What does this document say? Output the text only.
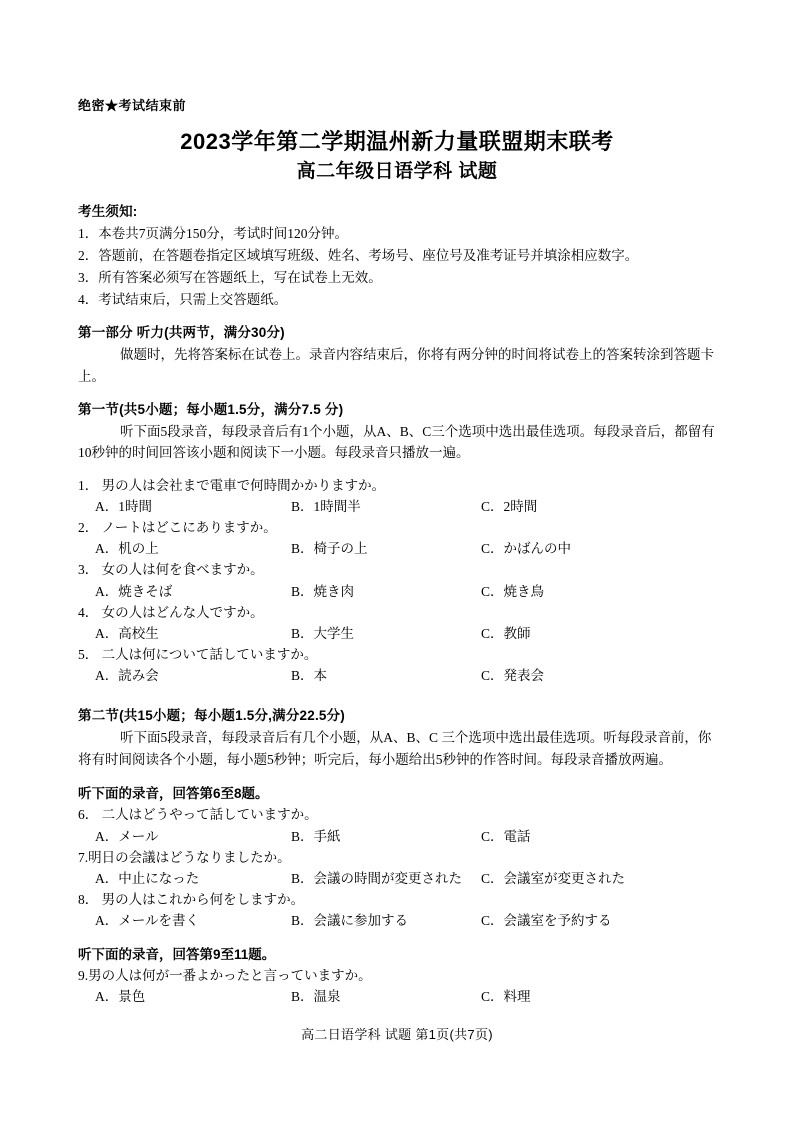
绝密★考试结束前
2023学年第二学期温州新力量联盟期末联考
高二年级日语学科 试题
考生须知:
1．本卷共7页满分150分，考试时间120分钟。
2．答题前，在答题卷指定区域填写班级、姓名、考场号、座位号及准考证号并填涂相应数字。
3．所有答案必须写在答题纸上，写在试卷上无效。
4．考试结束后，只需上交答题纸。
第一部分 听力(共两节，满分30分)
做题时，先将答案标在试卷上。录音内容结束后，你将有两分钟的时间将试卷上的答案转涂到答题卡上。
第一节(共5小题；每小题1.5分，满分7.5 分)
听下面5段录音，每段录音后有1个小题，从A、B、C三个选项中选出最佳选项。每段录音后，都留有10秒钟的时间回答该小题和阅读下一小题。每段录音只播放一遍。

1． 男の人は会社まで電車で何時間かかりますか。

A．1時間	B．1時間半	C．2時間

2． ノートはどこにありますか。

A．机の上	B．椅子の上	C．かばんの中

3． 女の人は何を食べますか。

A．焼きそば	B．焼き肉	C．焼き鳥

4． 女の人はどんな人ですか。

A．高校生	B．大学生	C．教師

5． 二人は何について話していますか。

A．読み会	B．本	C．発表会
第二节(共15小题；每小题1.5分,满分22.5分)
听下面5段录音，每段录音后有几个小题，从A、B、C 三个选项中选出最佳选项。听每段录音前，你将有时间阅读各个小题，每小题5秒钟；听完后，每小题给出5秒钟的作答时间。每段录音播放两遍。
听下面的录音，回答第6至8题。

6． 二人はどうやって話していますか。

A．メール	B．手紙	C．電話

7.明日の会議はどうなりましたか。

A．中止になった	B．会議の時間が変更された	C．会議室が変更された

8． 男の人はこれから何をしますか。

A．メールを書く	B．会議に参加する	C．会議室を予約する
听下面的录音，回答第9至11题。

9.男の人は何が一番よかったと言っていますか。

A．景色	B．温泉	C．料理
高二日语学科 试题 第1页(共7页)
